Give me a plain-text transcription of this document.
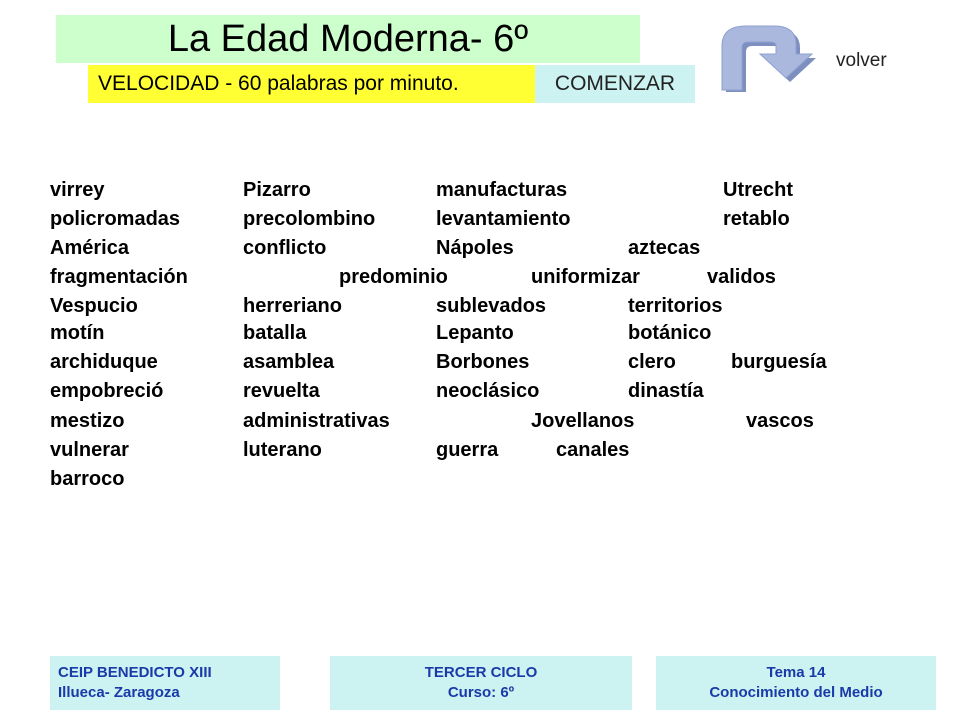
La Edad Moderna- 6º
VELOCIDAD - 60 palabras por minuto.	COMENZAR
volver
virrey	Pizarro	manufacturas	Utrecht
policromadas	precolombino	levantamiento	retablo
América	conflicto	Nápoles	aztecas
fragmentación	predominio	uniformizar	validos
Vespucio	herreriano	sublevados	territorios
motín	batalla	Lepanto	botánico
archiduque	asamblea	Borbones	clero	burguesía
empobreció	revuelta	neoclásico	dinastía
mestizo	administrativas	Jovellanos	vascos
vulnerar	luterano	guerra	canales
barroco
CEIP BENEDICTO XIII
Illueca- Zaragoza
TERCER CICLO
Curso: 6º
Tema 14
Conocimiento del Medio
